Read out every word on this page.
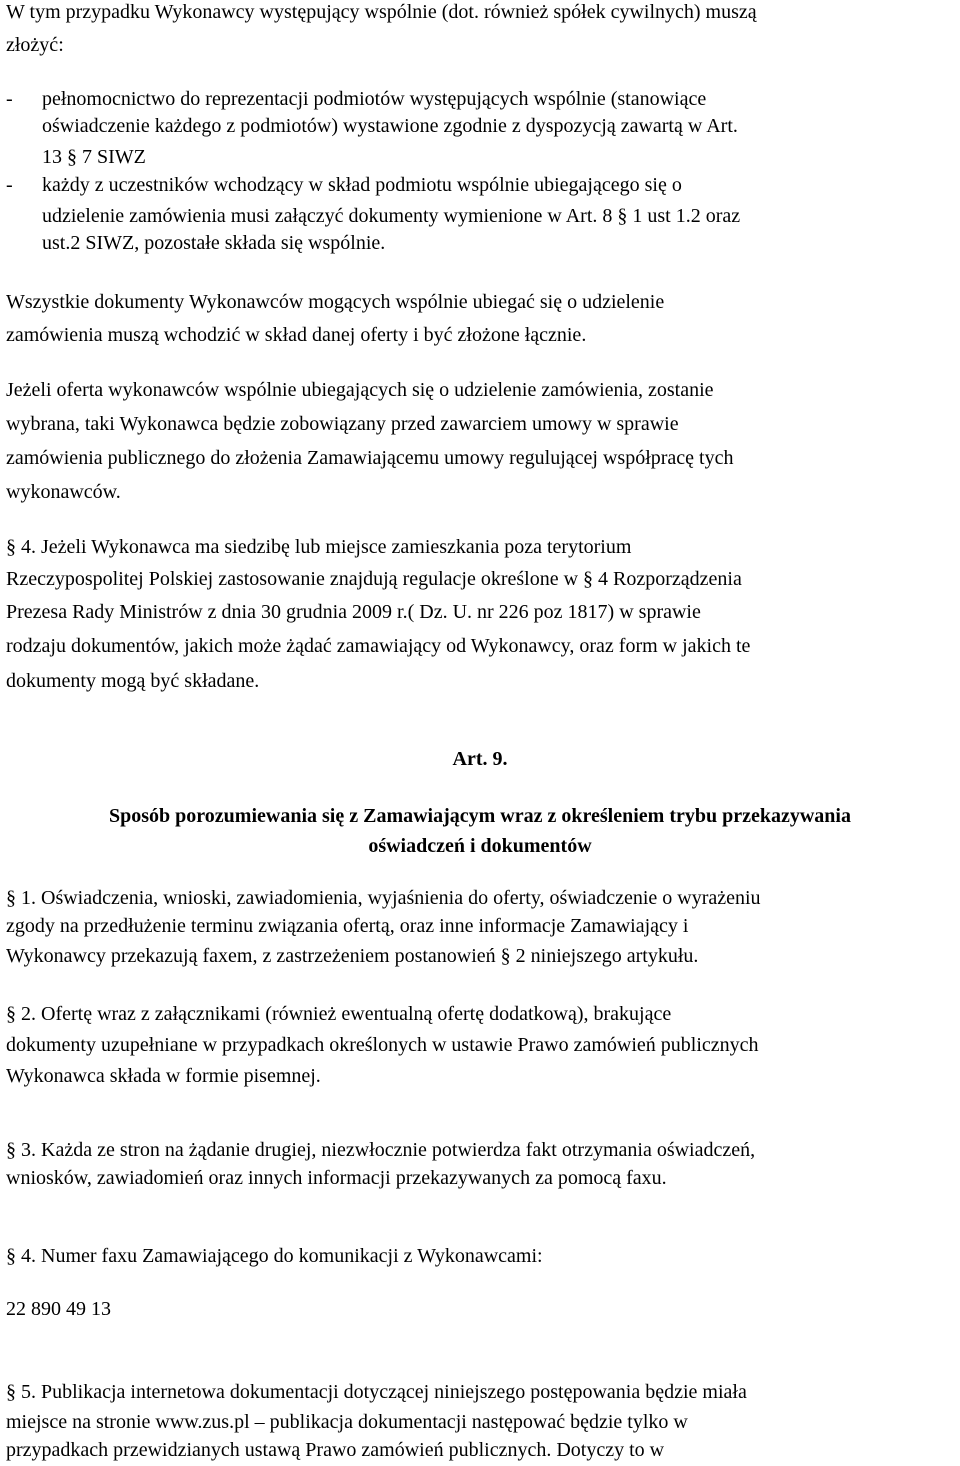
W tym przypadku Wykonawcy występujący wspólnie (dot. również spółek cywilnych) muszą
złożyć:
- pełnomocnictwo do reprezentacji podmiotów występujących wspólnie (stanowiące
oświadczenie każdego z podmiotów) wystawione zgodnie z dyspozycją zawartą w Art.
13 § 7 SIWZ
- każdy z uczestników wchodzący w skład podmiotu wspólnie ubiegającego się o
udzielenie zamówienia musi załączyć dokumenty wymienione w Art. 8 § 1 ust 1.2 oraz
ust.2 SIWZ, pozostałe składa się wspólnie.
Wszystkie dokumenty Wykonawców mogących wspólnie ubiegać się o udzielenie
zamówienia muszą wchodzić w skład danej oferty i być złożone łącznie.
Jeżeli oferta wykonawców wspólnie ubiegających się o udzielenie zamówienia, zostanie
wybrana, taki Wykonawca będzie zobowiązany przed zawarciem umowy w sprawie
zamówienia publicznego do złożenia Zamawiającemu umowy regulującej współpracę tych
wykonawców.
§ 4. Jeżeli Wykonawca ma siedzibę lub miejsce zamieszkania poza terytorium
Rzeczypospolitej Polskiej zastosowanie znajdują regulacje określone w § 4 Rozporządzenia
Prezesa Rady Ministrów z dnia 30 grudnia 2009 r.( Dz. U. nr 226 poz 1817) w sprawie
rodzaju dokumentów, jakich może żądać zamawiający od Wykonawcy, oraz form w jakich te
dokumenty mogą być składane.
Art. 9.
Sposób porozumiewania się z Zamawiającym wraz z określeniem trybu przekazywania
oświadczeń i dokumentów
§ 1. Oświadczenia, wnioski, zawiadomienia, wyjaśnienia do oferty, oświadczenie o wyrażeniu
zgody na przedłużenie terminu związania ofertą, oraz inne informacje Zamawiający i
Wykonawcy przekazują faxem, z zastrzeżeniem postanowień § 2 niniejszego artykułu.
§ 2. Ofertę wraz z załącznikami (również ewentualną ofertę dodatkową), brakujące
dokumenty uzupełniane w przypadkach określonych w ustawie Prawo zamówień publicznych
Wykonawca składa w formie pisemnej.
§ 3. Każda ze stron na żądanie drugiej, niezwłocznie potwierdza fakt otrzymania oświadczeń,
wniosków, zawiadomień oraz innych informacji przekazywanych za pomocą faxu.
§ 4. Numer faxu Zamawiającego do komunikacji z Wykonawcami:
22 890 49 13
§ 5. Publikacja internetowa dokumentacji dotyczącej niniejszego postępowania będzie miała
miejsce na stronie www.zus.pl – publikacja dokumentacji następować będzie tylko w
przypadkach przewidzianych ustawą Prawo zamówień publicznych. Dotyczy to w
